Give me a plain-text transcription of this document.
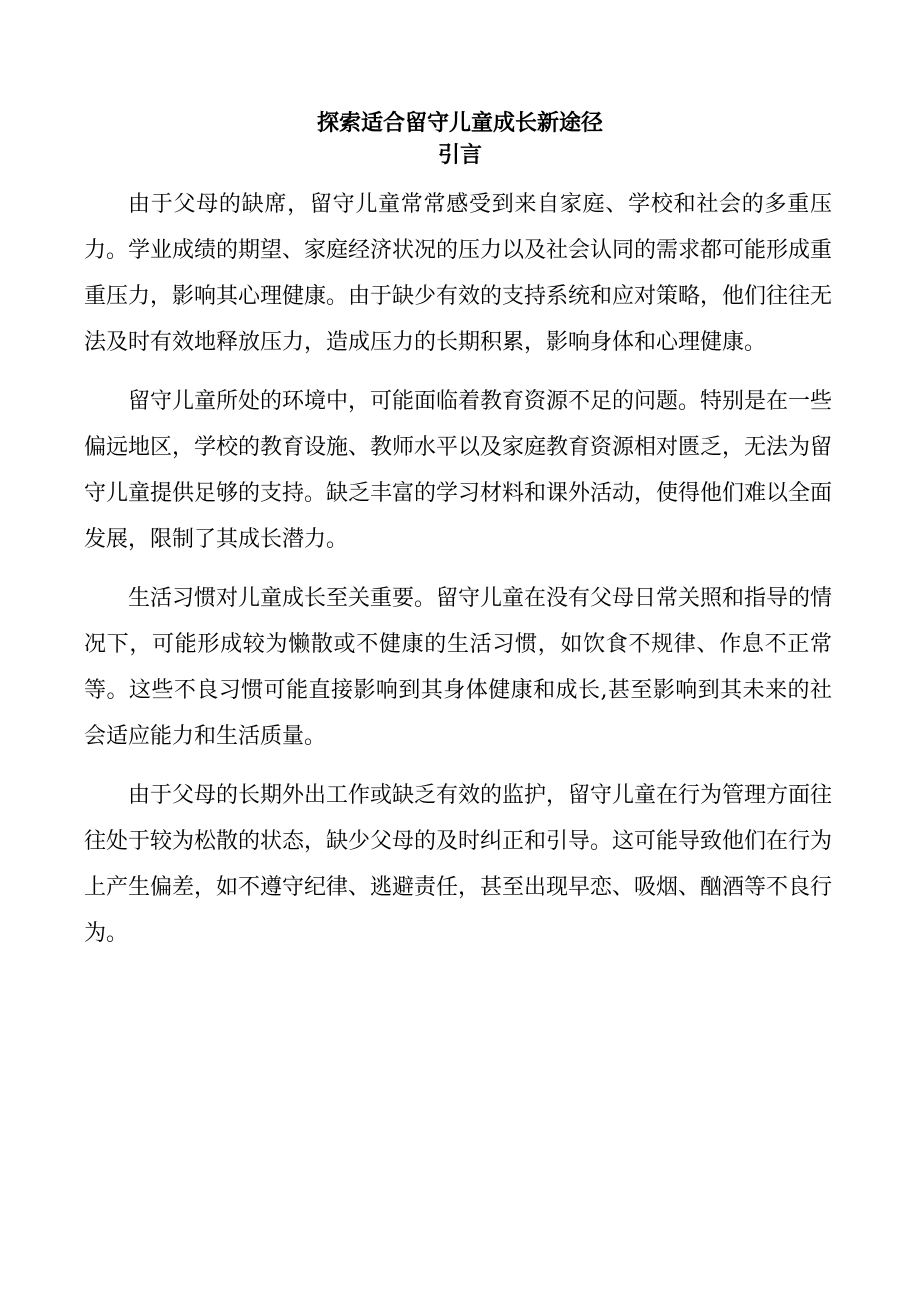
探索适合留守儿童成长新途径
引言

由于父母的缺席，留守儿童常常感受到来自家庭、学校和社会的多重压力。学业成绩的期望、家庭经济状况的压力以及社会认同的需求都可能形成重重压力，影响其心理健康。由于缺少有效的支持系统和应对策略，他们往往无法及时有效地释放压力，造成压力的长期积累，影响身体和心理健康。

留守儿童所处的环境中，可能面临着教育资源不足的问题。特别是在一些偏远地区，学校的教育设施、教师水平以及家庭教育资源相对匮乏，无法为留守儿童提供足够的支持。缺乏丰富的学习材料和课外活动，使得他们难以全面发展，限制了其成长潜力。

生活习惯对儿童成长至关重要。留守儿童在没有父母日常关照和指导的情况下，可能形成较为懒散或不健康的生活习惯，如饮食不规律、作息不正常等。这些不良习惯可能直接影响到其身体健康和成长,甚至影响到其未来的社会适应能力和生活质量。

由于父母的长期外出工作或缺乏有效的监护，留守儿童在行为管理方面往往处于较为松散的状态，缺少父母的及时纠正和引导。这可能导致他们在行为上产生偏差，如不遵守纪律、逃避责任，甚至出现早恋、吸烟、酗酒等不良行为。
